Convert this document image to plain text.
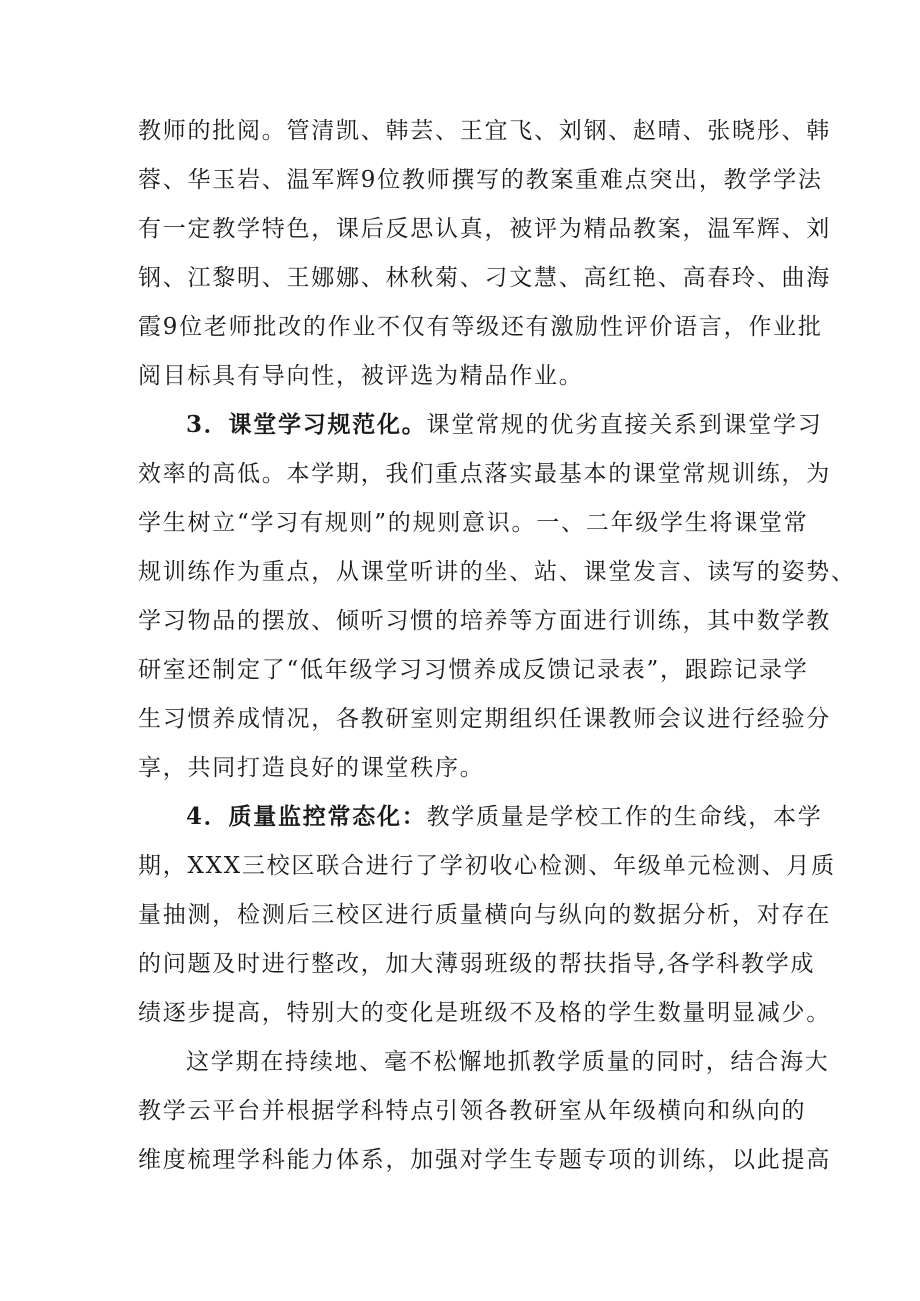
教师的批阅。管清凯、韩芸、王宜飞、刘钢、赵晴、张晓彤、韩
蓉、华玉岩、温军辉9位教师撰写的教案重难点突出，教学学法
有一定教学特色，课后反思认真，被评为精品教案，温军辉、刘
钢、江黎明、王娜娜、林秋菊、刁文慧、高红艳、高春玲、曲海
霞9位老师批改的作业不仅有等级还有激励性评价语言，作业批
阅目标具有导向性，被评选为精品作业。
3．课堂学习规范化。课堂常规的优劣直接关系到课堂学习
效率的高低。本学期，我们重点落实最基本的课堂常规训练，为
学生树立“学习有规则”的规则意识。一、二年级学生将课堂常
规训练作为重点，从课堂听讲的坐、站、课堂发言、读写的姿势、
学习物品的摆放、倾听习惯的培养等方面进行训练，其中数学教
研室还制定了“低年级学习习惯养成反馈记录表”，跟踪记录学
生习惯养成情况，各教研室则定期组织任课教师会议进行经验分
享，共同打造良好的课堂秩序。
4．质量监控常态化：教学质量是学校工作的生命线，本学
期，XXX三校区联合进行了学初收心检测、年级单元检测、月质
量抽测，检测后三校区进行质量横向与纵向的数据分析，对存在
的问题及时进行整改，加大薄弱班级的帮扶指导,各学科教学成
绩逐步提高，特别大的变化是班级不及格的学生数量明显减少。
这学期在持续地、毫不松懈地抓教学质量的同时，结合海大
教学云平台并根据学科特点引领各教研室从年级横向和纵向的
维度梳理学科能力体系，加强对学生专题专项的训练，以此提高
